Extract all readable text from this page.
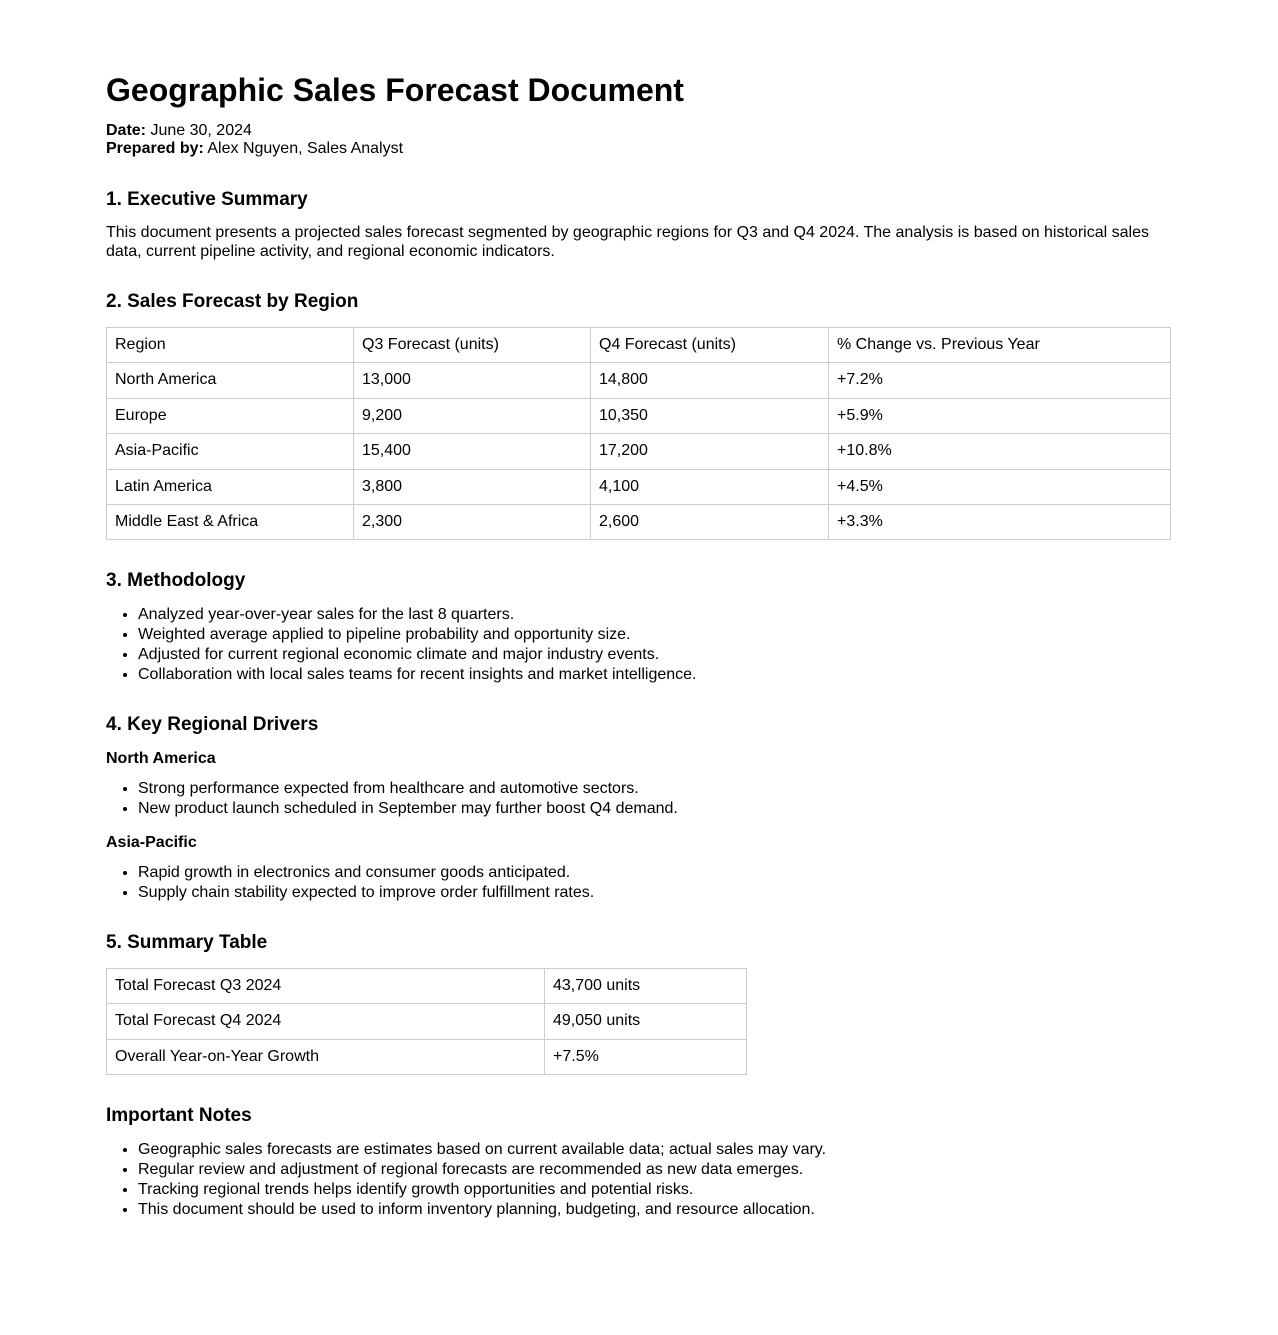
Geographic Sales Forecast Document

Date: June 30, 2024
Prepared by: Alex Nguyen, Sales Analyst

1. Executive Summary

This document presents a projected sales forecast segmented by geographic regions for Q3 and Q4 2024. The analysis is based on historical sales data, current pipeline activity, and regional economic indicators.

2. Sales Forecast by Region
Region	Q3 Forecast (units)	Q4 Forecast (units)	% Change vs. Previous Year
North America	13,000	14,800	+7.2%
Europe	9,200	10,350	+5.9%
Asia-Pacific	15,400	17,200	+10.8%
Latin America	3,800	4,100	+4.5%
Middle East & Africa	2,300	2,600	+3.3%
3. Methodology
• Analyzed year-over-year sales for the last 8 quarters.
• Weighted average applied to pipeline probability and opportunity size.
• Adjusted for current regional economic climate and major industry events.
• Collaboration with local sales teams for recent insights and market intelligence.
4. Key Regional Drivers
North America
• Strong performance expected from healthcare and automotive sectors.
• New product launch scheduled in September may further boost Q4 demand.
Asia-Pacific
• Rapid growth in electronics and consumer goods anticipated.
• Supply chain stability expected to improve order fulfillment rates.
5. Summary Table
Total Forecast Q3 2024	43,700 units
Total Forecast Q4 2024	49,050 units
Overall Year-on-Year Growth	+7.5%
Important Notes
• Geographic sales forecasts are estimates based on current available data; actual sales may vary.
• Regular review and adjustment of regional forecasts are recommended as new data emerges.
• Tracking regional trends helps identify growth opportunities and potential risks.
• This document should be used to inform inventory planning, budgeting, and resource allocation.
